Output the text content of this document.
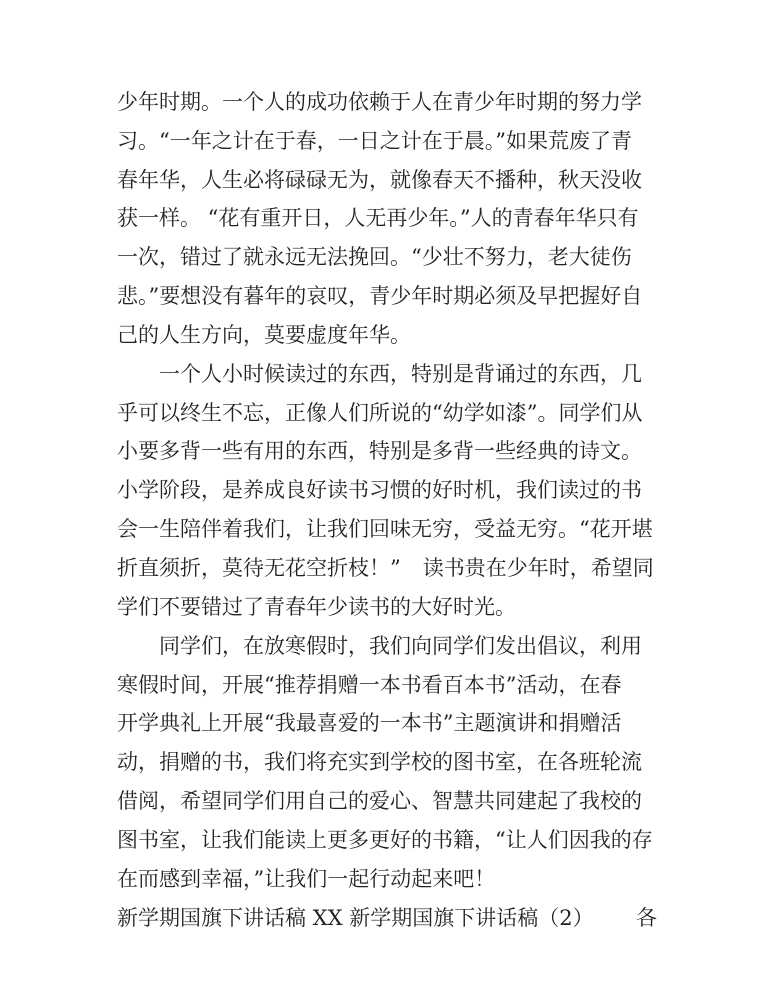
少年时期。一个人的成功依赖于人在青少年时期的努力学
习。“一年之计在于春，一日之计在于晨。”如果荒废了青
春年华，人生必将碌碌无为，就像春天不播种，秋天没收
获一样。 “花有重开日，人无再少年。”人的青春年华只有
一次，错过了就永远无法挽回。“少壮不努力，老大徒伤
悲。”要想没有暮年的哀叹，青少年时期必须及早把握好自
己的人生方向，莫要虚度年华。
一个人小时候读过的东西，特别是背诵过的东西，几
乎可以终生不忘，正像人们所说的“幼学如漆”。同学们从
小要多背一些有用的东西，特别是多背一些经典的诗文。
小学阶段，是养成良好读书习惯的好时机，我们读过的书
会一生陪伴着我们，让我们回味无穷，受益无穷。“花开堪
折直须折，莫待无花空折枝！” 读书贵在少年时，希望同
学们不要错过了青春年少读书的大好时光。
同学们，在放寒假时，我们向同学们发出倡议，利用
寒假时间，开展“推荐捐赠一本书看百本书”活动，在春
开学典礼上开展“我最喜爱的一本书”主题演讲和捐赠活
动，捐赠的书，我们将充实到学校的图书室，在各班轮流
借阅，希望同学们用自己的爱心、智慧共同建起了我校的
图书室，让我们能读上更多更好的书籍，“让人们因我的存
在而感到幸福，”让我们一起行动起来吧！
新学期国旗下讲话稿 XX 新学期国旗下讲话稿（2）	各
